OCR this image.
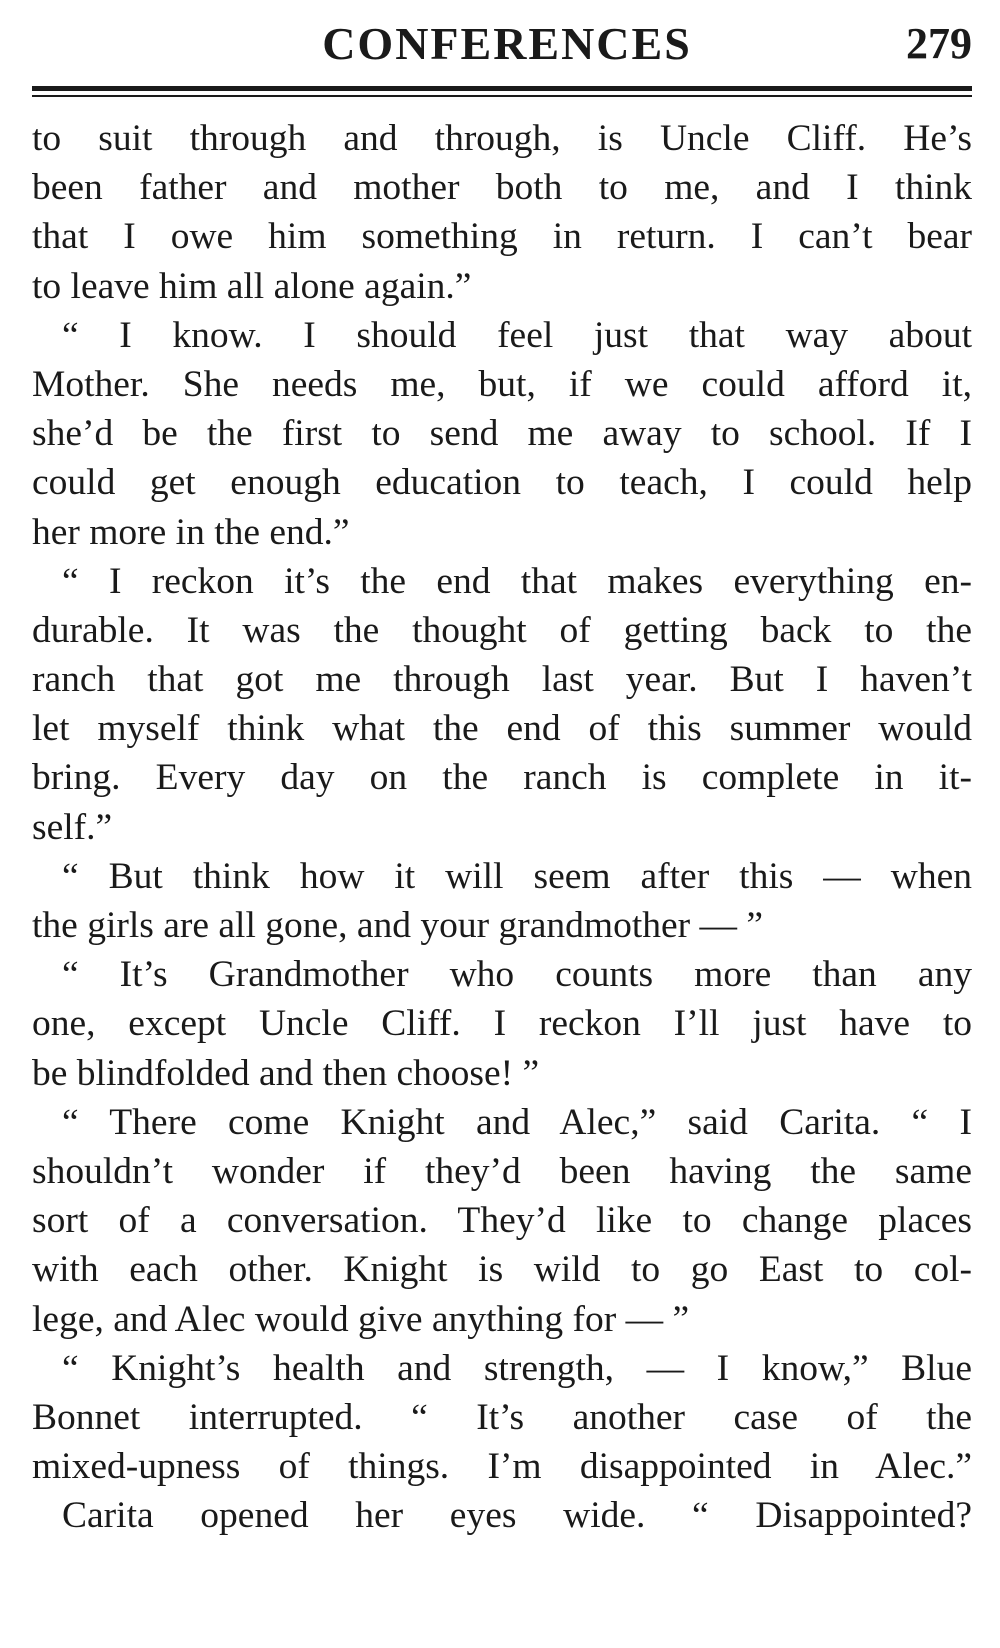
CONFERENCES	279
to suit through and through, is Uncle Cliff. He’s
been father and mother both to me, and I think
that I owe him something in return. I can’t bear
to leave him all alone again.”
“ I know. I should feel just that way about
Mother. She needs me, but, if we could afford it,
she’d be the first to send me away to school. If I
could get enough education to teach, I could help
her more in the end.”
“ I reckon it’s the end that makes everything en-
durable. It was the thought of getting back to the
ranch that got me through last year. But I haven’t
let myself think what the end of this summer would
bring. Every day on the ranch is complete in it-
self.”
“ But think how it will seem after this — when
the girls are all gone, and your grandmother — ”
“ It’s Grandmother who counts more than any
one, except Uncle Cliff. I reckon I’ll just have to
be blindfolded and then choose! ”
“ There come Knight and Alec,” said Carita. “ I
shouldn’t wonder if they’d been having the same
sort of a conversation. They’d like to change places
with each other. Knight is wild to go East to col-
lege, and Alec would give anything for — ”
“ Knight’s health and strength, — I know,” Blue
Bonnet interrupted. “ It’s another case of the
mixed-upness of things. I’m disappointed in Alec.”
Carita opened her eyes wide. “ Disappointed?
